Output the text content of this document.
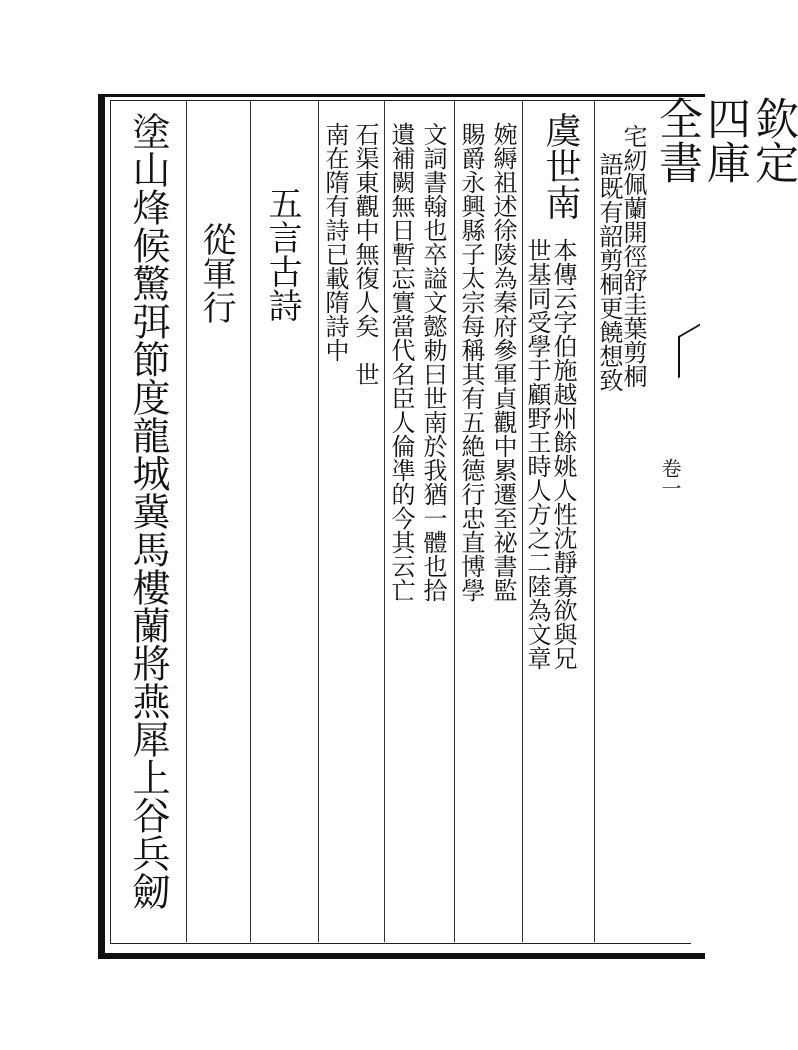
欽定四庫全書
卷一
宅紉佩蘭開徑舒圭葉剪桐
語既有韶剪桐更饒想致
虞世南
本傳云字伯施越州餘姚人性沈靜寡欲與兄
世基同受學于顧野王時人方之二陸為文章
婉縟祖述徐陵為秦府參軍貞觀中累遷至祕書監
賜爵永興縣子太宗每稱其有五絶德行忠直博學
文詞書翰也卒謚文懿勅曰世南於我猶一體也拾
遺補闕無日暫忘實當代名臣人倫凖的今其云亡
石渠東觀中無復人矣　世
南在隋有詩已載隋詩中
五言古詩
從軍行
塗山烽候驚弭節度龍城冀馬樓蘭將燕犀上谷兵劒
